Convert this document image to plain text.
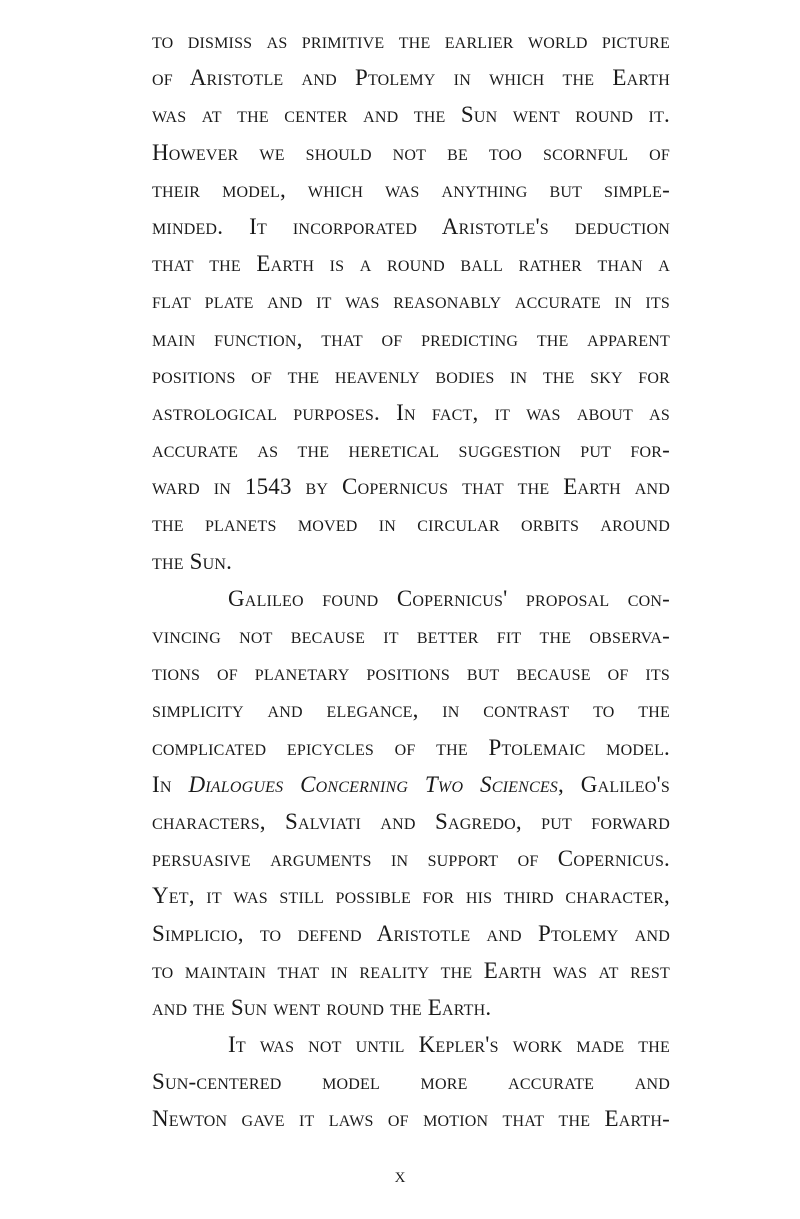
to dismiss as primitive the earlier world picture
of Aristotle and Ptolemy in which the Earth
was at the center and the Sun went round it.
However we should not be too scornful of
their model, which was anything but simple-
minded. It incorporated Aristotle's deduction
that the Earth is a round ball rather than a
flat plate and it was reasonably accurate in its
main function, that of predicting the apparent
positions of the heavenly bodies in the sky for
astrological purposes. In fact, it was about as
accurate as the heretical suggestion put for-
ward in 1543 by Copernicus that the Earth and
the planets moved in circular orbits around
the Sun.
Galileo found Copernicus' proposal con-
vincing not because it better fit the observa-
tions of planetary positions but because of its
simplicity and elegance, in contrast to the
complicated epicycles of the Ptolemaic model.
In Dialogues Concerning Two Sciences, Galileo's
characters, Salviati and Sagredo, put forward
persuasive arguments in support of Copernicus.
Yet, it was still possible for his third character,
Simplicio, to defend Aristotle and Ptolemy and
to maintain that in reality the Earth was at rest
and the Sun went round the Earth.
It was not until Kepler's work made the
Sun-centered model more accurate and
Newton gave it laws of motion that the Earth-
x
